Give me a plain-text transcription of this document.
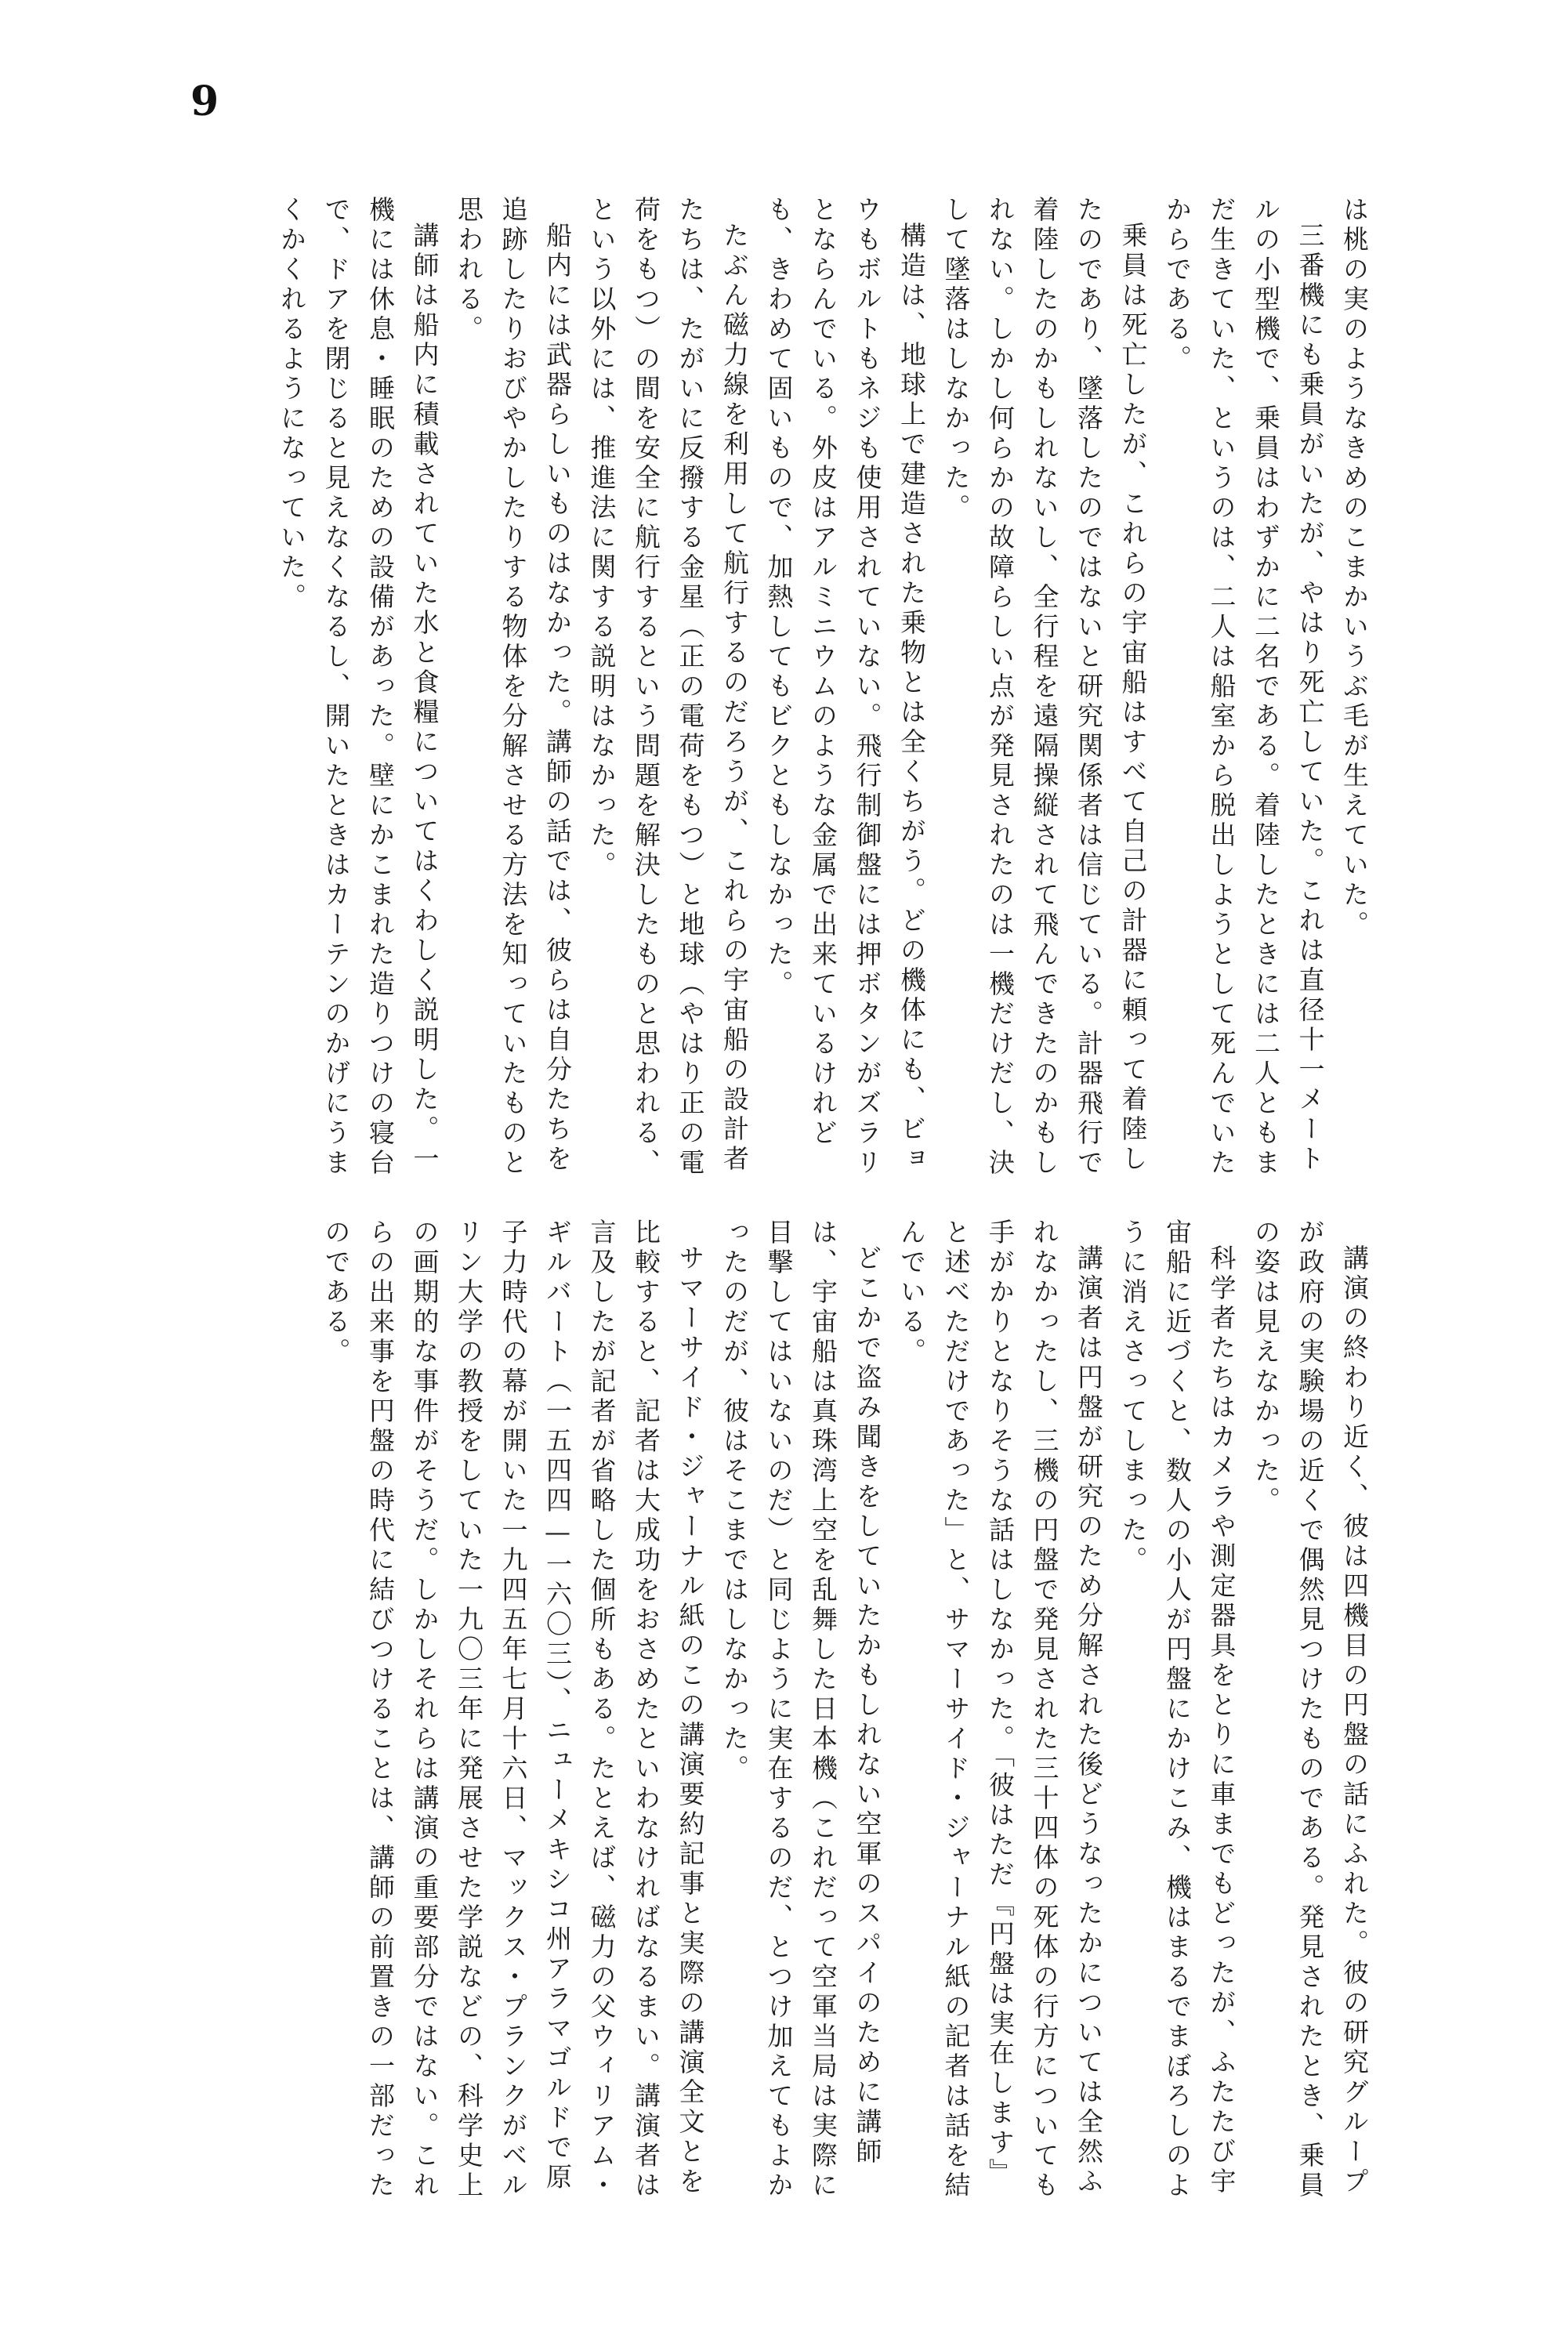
9

は桃の実のようなきめのこまかいうぶ毛が生えていた。

三番機にも乗員がいたが、やはり死亡していた。これは直径十一メートルの小型機で、乗員はわずかに二名である。着陸したときには二人ともまだ生きていた、というのは、二人は船室から脱出しようとして死んでいたからである。

乗員は死亡したが、これらの宇宙船はすべて自己の計器に頼って着陸したのであり、墜落したのではないと研究関係者は信じている。計器飛行で着陸したのかもしれないし、全行程を遠隔操縦されて飛んできたのかもしれない。しかし何らかの故障らしい点が発見されたのは一機だけだし、決して墜落はしなかった。

構造は、地球上で建造された乗物とは全くちがう。どの機体にも、ビョウもボルトもネジも使用されていない。飛行制御盤には押ボタンがズラリとならんでいる。外皮はアルミニウムのような金属で出来ているけれども、きわめて固いもので、加熱してもビクともしなかった。

たぶん磁力線を利用して航行するのだろうが、これらの宇宙船の設計者たちは、たがいに反撥する金星（正の電荷をもつ）と地球（やはり正の電荷をもつ）の間を安全に航行するという問題を解決したものと思われる、という以外には、推進法に関する説明はなかった。

船内には武器らしいものはなかった。講師の話では、彼らは自分たちを追跡したりおびやかしたりする物体を分解させる方法を知っていたものと思われる。

講師は船内に積載されていた水と食糧についてはくわしく説明した。一機には休息・睡眠のための設備があった。壁にかこまれた造りつけの寝台で、ドアを閉じると見えなくなるし、開いたときはカーテンのかげにうまくかくれるようになっていた。

講演の終わり近く、彼は四機目の円盤の話にふれた。彼の研究グループが政府の実験場の近くで偶然見つけたものである。発見されたとき、乗員の姿は見えなかった。

科学者たちはカメラや測定器具をとりに車までもどったが、ふたたび宇宙船に近づくと、数人の小人が円盤にかけこみ、機はまるでまぼろしのように消えさってしまった。

講演者は円盤が研究のため分解された後どうなったかについては全然ふれなかったし、三機の円盤で発見された三十四体の死体の行方についても手がかりとなりそうな話はしなかった。「彼はただ『円盤は実在します』と述べただけであった」と、サマーサイド・ジャーナル紙の記者は話を結んでいる。

どこかで盗み聞きをしていたかもしれない空軍のスパイのために講師は、宇宙船は真珠湾上空を乱舞した日本機（これだって空軍当局は実際に目撃してはいないのだ）と同じように実在するのだ、とつけ加えてもよかったのだが、彼はそこまではしなかった。

サマーサイド・ジャーナル紙のこの講演要約記事と実際の講演全文とを比較すると、記者は大成功をおさめたといわなければなるまい。講演者は言及したが記者が省略した個所もある。たとえば、磁力の父ウィリアム・ギルバート（一五四四—一六〇三）、ニューメキシコ州アラマゴルドで原子力時代の幕が開いた一九四五年七月十六日、マックス・プランクがベルリン大学の教授をしていた一九〇三年に発展させた学説などの、科学史上の画期的な事件がそうだ。しかしそれらは講演の重要部分ではない。これらの出来事を円盤の時代に結びつけることは、講師の前置きの一部だったのである。
